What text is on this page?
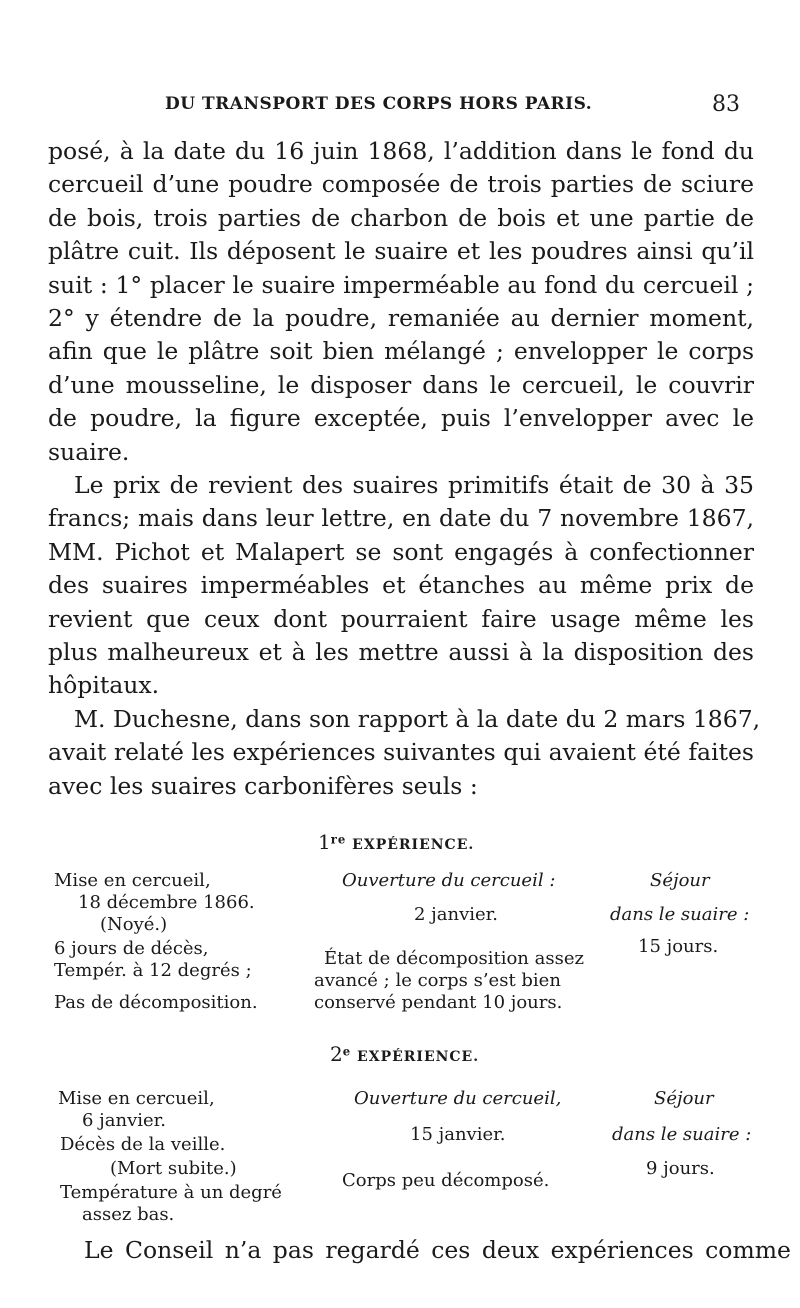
DU TRANSPORT DES CORPS HORS PARIS.	83
posé, à la date du 16 juin 1868, l’addition dans le fond du
cercueil d’une poudre composée de trois parties de sciure
de bois, trois parties de charbon de bois et une partie de
plâtre cuit. Ils déposent le suaire et les poudres ainsi qu’il
suit : 1° placer le suaire imperméable au fond du cercueil ;
2° y étendre de la poudre, remaniée au dernier moment,
afin que le plâtre soit bien mélangé ; envelopper le corps
d’une mousseline, le disposer dans le cercueil, le couvrir
de poudre, la figure exceptée, puis l’envelopper avec le
suaire.
Le prix de revient des suaires primitifs était de 30 à 35
francs; mais dans leur lettre, en date du 7 novembre 1867,
MM. Pichot et Malapert se sont engagés à confectionner
des suaires imperméables et étanches au même prix de
revient que ceux dont pourraient faire usage même les
plus malheureux et à les mettre aussi à la disposition des
hôpitaux.
M. Duchesne, dans son rapport à la date du 2 mars 1867,
avait relaté les expériences suivantes qui avaient été faites
avec les suaires carbonifères seuls :
1re EXPÉRIENCE.
Mise en cercueil,
18 décembre 1866.
(Noyé.)
6 jours de décès,
Tempér. à 12 degrés ;
Pas de décomposition.
Ouverture du cercueil :
2 janvier.
État de décomposition assez
avancé ; le corps s’est bien
conservé pendant 10 jours.
Séjour
dans le suaire :
15 jours.
2e EXPÉRIENCE.
Mise en cercueil,
6 janvier.
Décès de la veille.
(Mort subite.)
Température à un degré
assez bas.
Ouverture du cercueil,
15 janvier.
Corps peu décomposé.
Séjour
dans le suaire :
9 jours.
Le Conseil n’a pas regardé ces deux expériences comme
